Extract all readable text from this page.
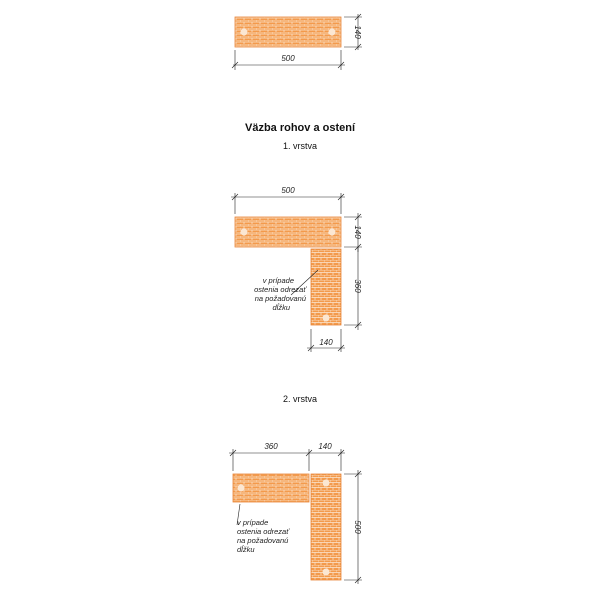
500
140
Väzba rohov a ostení
1. vrstva
500
140
360
140
v prípade
ostenia odrezať
na požadovanú
dĺžku
2. vrstva
360	140
500
v prípade
ostenia odrezať
na požadovanú
dĺžku
